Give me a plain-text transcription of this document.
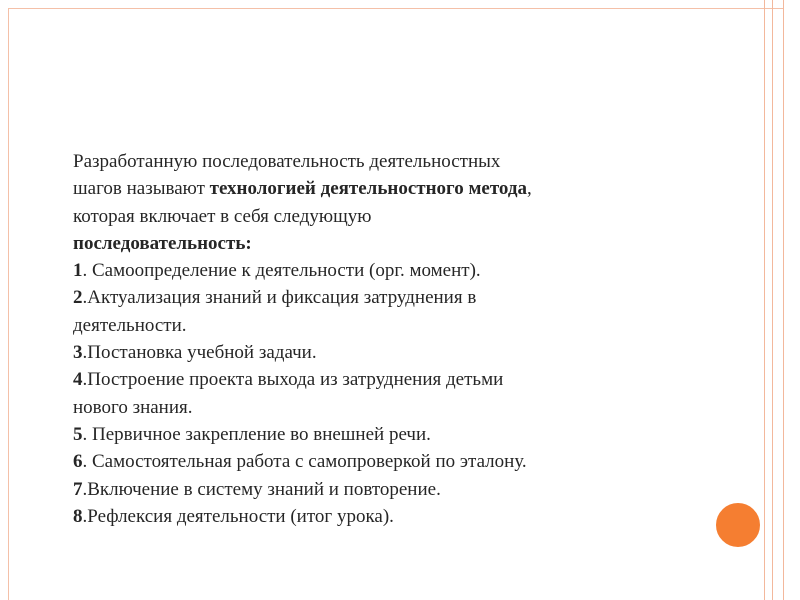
Разработанную последовательность деятельностных
шагов называют технологией деятельностного метода,
которая включает в себя следующую
последовательность:
1. Самоопределение к деятельности (орг. момент).
2.Актуализация знаний и фиксация затруднения в
деятельности.
3.Постановка учебной задачи.
4.Построение проекта выхода из затруднения детьми
нового знания.
5. Первичное закрепление во внешней речи.
6. Самостоятельная работа с самопроверкой по эталону.
7.Включение в систему знаний и повторение.
8.Рефлексия деятельности (итог урока).
